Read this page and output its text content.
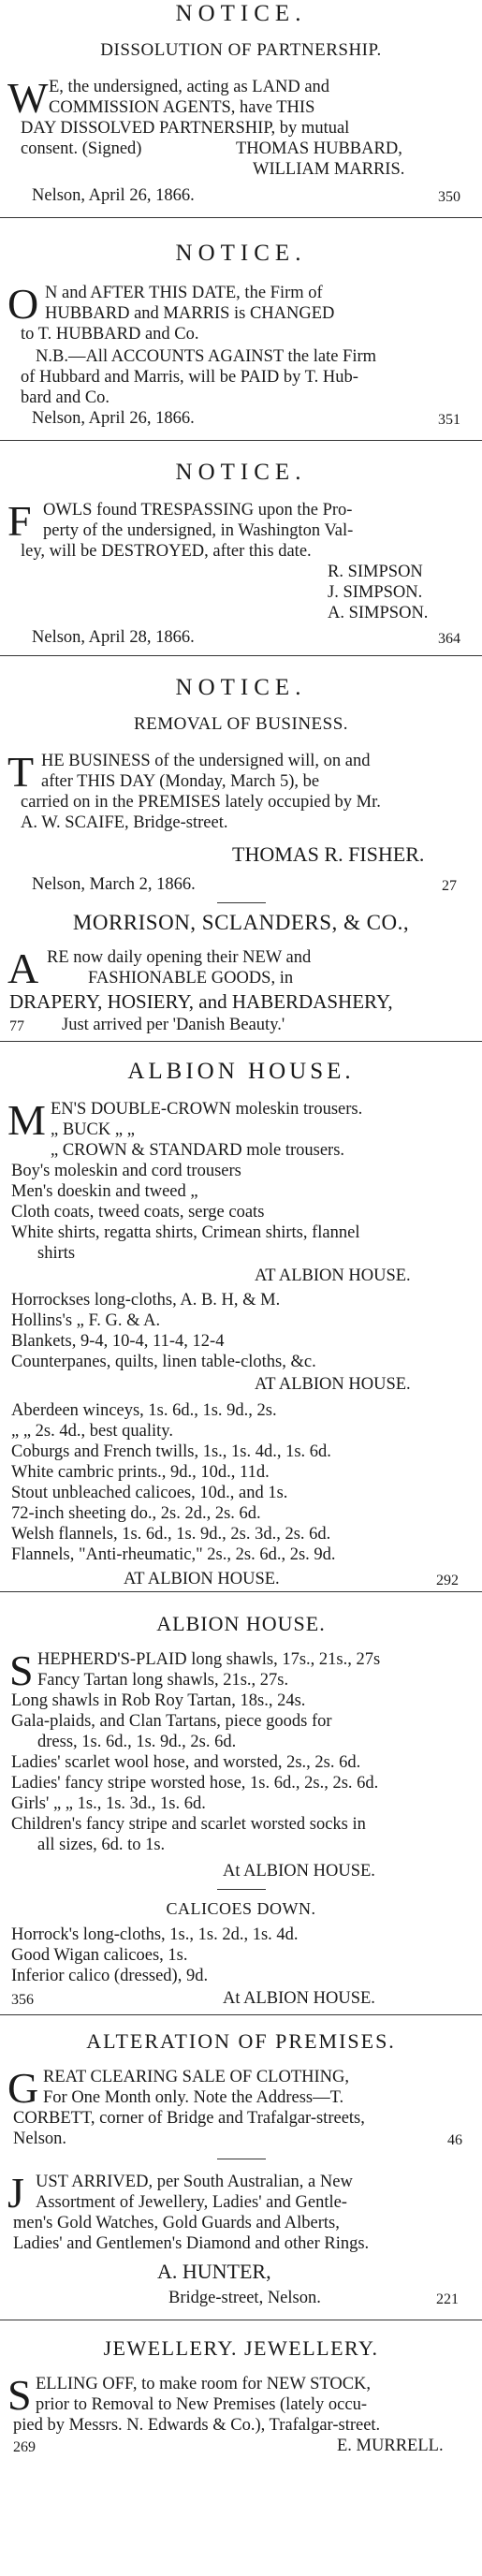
NOTICE.
DISSOLUTION OF PARTNERSHIP.
W E, the undersigned, acting as LAND and
COMMISSION AGENTS, have THIS
DAY DISSOLVED PARTNERSHIP, by mutual
consent. (Signed)	THOMAS HUBBARD,
WILLIAM MARRIS.
Nelson, April 26, 1866.	350
NOTICE.
O N and AFTER THIS DATE, the Firm of
HUBBARD and MARRIS is CHANGED
to T. HUBBARD and Co.
N.B.—All ACCOUNTS AGAINST the late Firm
of Hubbard and Marris, will be PAID by T. Hub-
bard and Co.
Nelson, April 26, 1866.	351
NOTICE.
F OWLS found TRESPASSING upon the Pro-
perty of the undersigned, in Washington Val-
ley, will be DESTROYED, after this date.
R. SIMPSON
J. SIMPSON.
A. SIMPSON.
Nelson, April 28, 1866.	364
NOTICE.
REMOVAL OF BUSINESS.
T HE BUSINESS of the undersigned will, on and
after THIS DAY (Monday, March 5), be
carried on in the PREMISES lately occupied by Mr.
A. W. SCAIFE, Bridge-street.
THOMAS R. FISHER.
Nelson, March 2, 1866.	27
MORRISON, SCLANDERS, & CO.,
A RE now daily opening their NEW and
FASHIONABLE GOODS, in
DRAPERY, HOSIERY, and HABERDASHERY,
77 Just arrived per 'Danish Beauty.'
ALBION HOUSE.
M EN'S DOUBLE-CROWN moleskin trousers.
„ BUCK „ „
„ CROWN & STANDARD mole trousers.
Boy's moleskin and cord trousers
Men's doeskin and tweed „
Cloth coats, tweed coats, serge coats
White shirts, regatta shirts, Crimean shirts, flannel
shirts
AT ALBION HOUSE.
Horrockses long-cloths, A. B. H, & M.
Hollins's „ F. G. & A.
Blankets, 9-4, 10-4, 11-4, 12-4
Counterpanes, quilts, linen table-cloths, &c.
AT ALBION HOUSE.
Aberdeen winceys, 1s. 6d., 1s. 9d., 2s.
„ „ 2s. 4d., best quality.
Coburgs and French twills, 1s., 1s. 4d., 1s. 6d.
White cambric prints., 9d., 10d., 11d.
Stout unbleached calicoes, 10d., and 1s.
72-inch sheeting do., 2s. 2d., 2s. 6d.
Welsh flannels, 1s. 6d., 1s. 9d., 2s. 3d., 2s. 6d.
Flannels, "Anti-rheumatic," 2s., 2s. 6d., 2s. 9d.
AT ALBION HOUSE.	292
ALBION HOUSE.
S HEPHERD'S-PLAID long shawls, 17s., 21s., 27s
Fancy Tartan long shawls, 21s., 27s.
Long shawls in Rob Roy Tartan, 18s., 24s.
Gala-plaids, and Clan Tartans, piece goods for
dress, 1s. 6d., 1s. 9d., 2s. 6d.
Ladies' scarlet wool hose, and worsted, 2s., 2s. 6d.
Ladies' fancy stripe worsted hose, 1s. 6d., 2s., 2s. 6d.
Girls' „ „ 1s., 1s. 3d., 1s. 6d.
Children's fancy stripe and scarlet worsted socks in
all sizes, 6d. to 1s.
At ALBION HOUSE.
CALICOES DOWN.
Horrock's long-cloths, 1s., 1s. 2d., 1s. 4d.
Good Wigan calicoes, 1s.
Inferior calico (dressed), 9d.
356	At ALBION HOUSE.
ALTERATION OF PREMISES.
G REAT CLEARING SALE OF CLOTHING,
For One Month only. Note the Address—T.
CORBETT, corner of Bridge and Trafalgar-streets,
Nelson.	46
J UST ARRIVED, per South Australian, a New
Assortment of Jewellery, Ladies' and Gentle-
men's Gold Watches, Gold Guards and Alberts,
Ladies' and Gentlemen's Diamond and other Rings.
A. HUNTER,
Bridge-street, Nelson.	221
JEWELLERY. JEWELLERY.
S ELLING OFF, to make room for NEW STOCK,
prior to Removal to New Premises (lately occu-
pied by Messrs. N. Edwards & Co.), Trafalgar-street.
269	E. MURRELL.
